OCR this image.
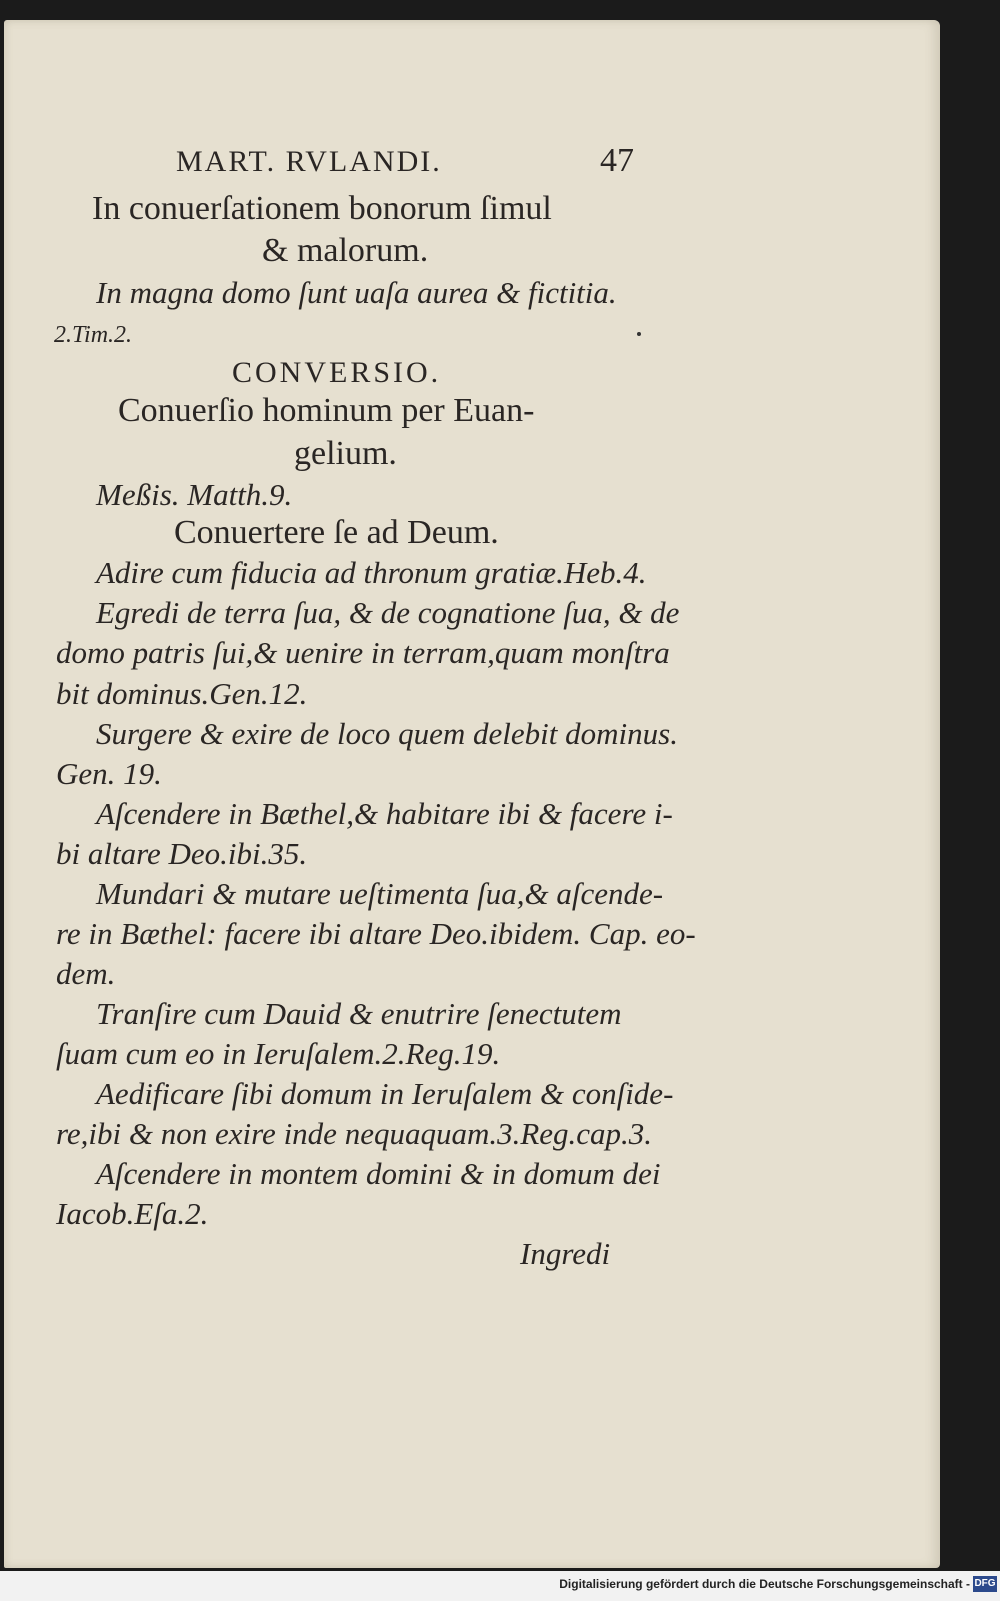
MART. RVLANDI.	47
In conuerſationem bonorum ſimul
& malorum.
In magna domo ſunt uaſa aurea & fictitia.
2.Tim.2.
CONVERSIO.
Conuerſio hominum per Euan-
gelium.
Meßis. Matth.9.
Conuertere ſe ad Deum.
Adire cum fiducia ad thronum gratiæ.Heb.4.
Egredi de terra ſua, & de cognatione ſua, & de
domo patris ſui,& uenire in terram,quam monſtra
bit dominus.Gen.12.
Surgere & exire de loco quem delebit dominus.
Gen. 19.
Aſcendere in Bæthel,& habitare ibi & facere i-
bi altare Deo.ibi.35.
Mundari & mutare ueſtimenta ſua,& aſcende-
re in Bæthel: facere ibi altare Deo.ibidem. Cap. eo-
dem.
Tranſire cum Dauid & enutrire ſenectutem
ſuam cum eo in Ieruſalem.2.Reg.19.
Aedificare ſibi domum in Ieruſalem & conſide-
re,ibi & non exire inde nequaquam.3.Reg.cap.3.
Aſcendere in montem domini & in domum dei
Iacob.Eſa.2.
Ingredi
Digitalisierung gefördert durch die Deutsche Forschungsgemeinschaft - DFG
